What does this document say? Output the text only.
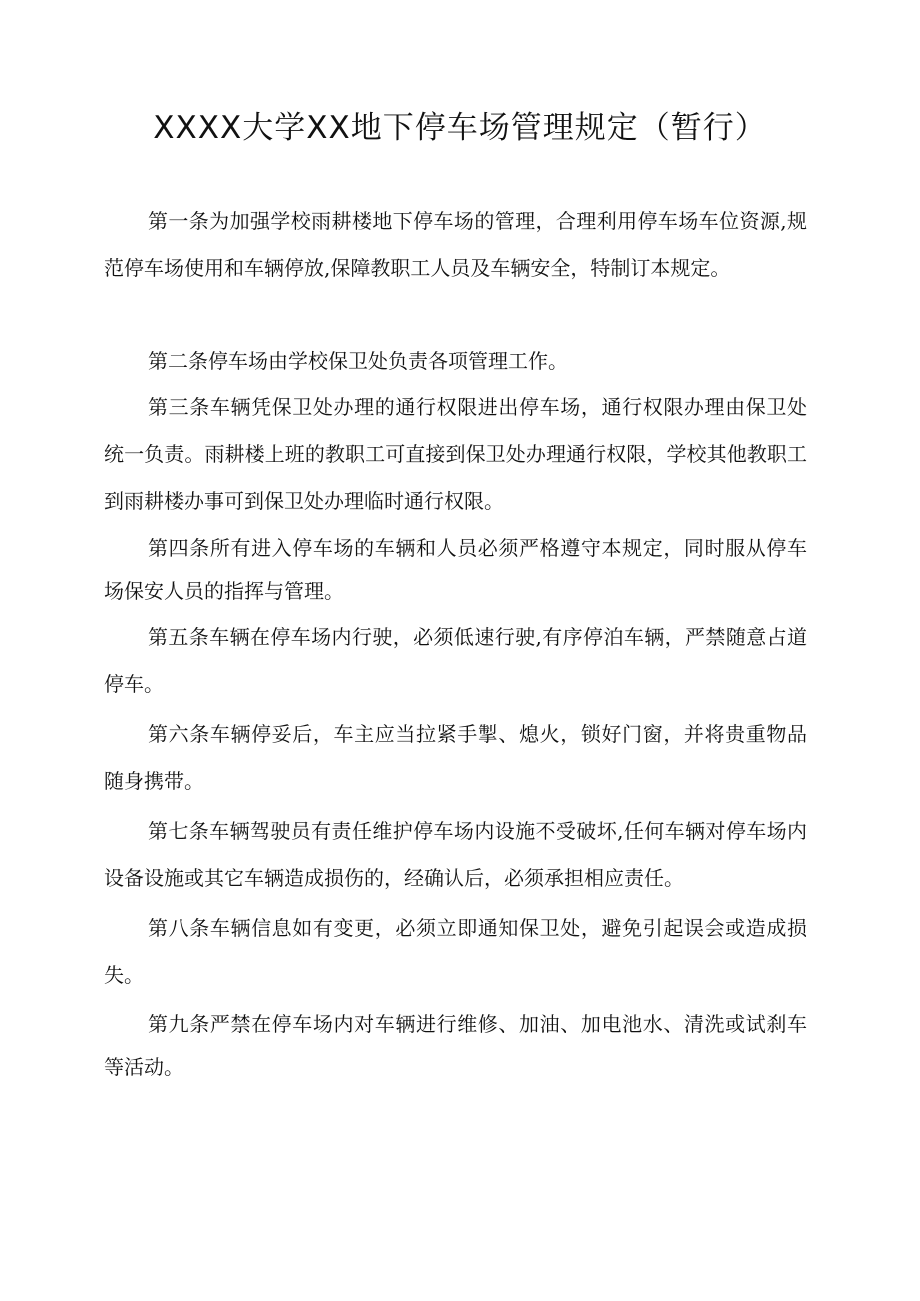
XXXX大学XX地下停车场管理规定（暂行）

第一条为加强学校雨耕楼地下停车场的管理，合理利用停车场车位资源,规范停车场使用和车辆停放,保障教职工人员及车辆安全，特制订本规定。

第二条停车场由学校保卫处负责各项管理工作。

第三条车辆凭保卫处办理的通行权限进出停车场，通行权限办理由保卫处统一负责。雨耕楼上班的教职工可直接到保卫处办理通行权限，学校其他教职工到雨耕楼办事可到保卫处办理临时通行权限。

第四条所有进入停车场的车辆和人员必须严格遵守本规定，同时服从停车场保安人员的指挥与管理。

第五条车辆在停车场内行驶，必须低速行驶,有序停泊车辆，严禁随意占道停车。

第六条车辆停妥后，车主应当拉紧手掣、熄火，锁好门窗，并将贵重物品随身携带。

第七条车辆驾驶员有责任维护停车场内设施不受破坏,任何车辆对停车场内设备设施或其它车辆造成损伤的，经确认后，必须承担相应责任。

第八条车辆信息如有变更，必须立即通知保卫处，避免引起误会或造成损失。

第九条严禁在停车场内对车辆进行维修、加油、加电池水、清洗或试刹车等活动。
